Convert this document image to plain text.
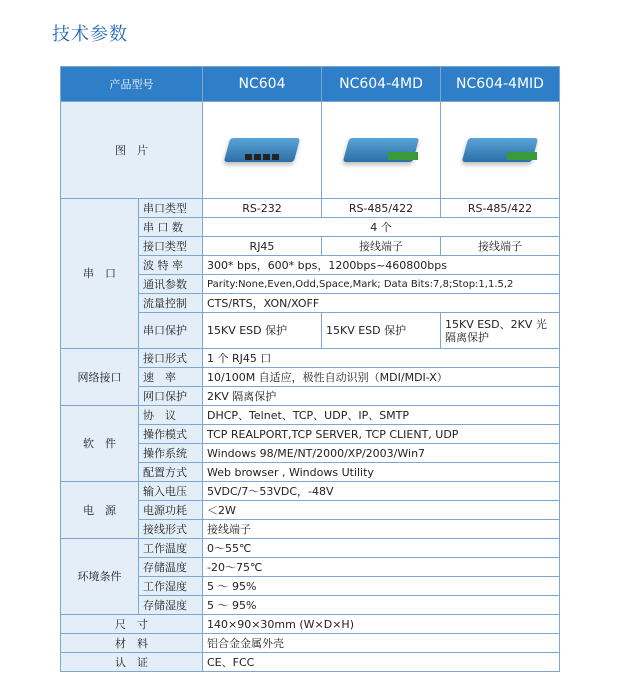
技术参数
产品型号		NC604	NC604-4MD	NC604-4MID
图　片		

串　口	串口类型	RS-232	RS-485/422	RS-485/422
	串 口 数	4 个		
	接口类型	RJ45	接线端子	接线端子
	波 特 率	300* bps，600* bps，1200bps~460800bps		
	通讯参数	Parity:None,Even,Odd,Space,Mark; Data Bits:7,8;Stop:1,1.5,2		
	流量控制	CTS/RTS，XON/XOFF		
	串口保护	15KV ESD 保护	15KV ESD 保护	15KV ESD、2KV 光隔离保护
网络接口	接口形式	1 个 RJ45 口		
	速　率	10/100M 自适应，极性自动识别（MDI/MDI-X）		
	网口保护	2KV 隔离保护		
软　件	协　议	DHCP、Telnet、TCP、UDP、IP、SMTP		
	操作模式	TCP REALPORT,TCP SERVER, TCP CLIENT, UDP		
	操作系统	Windows 98/ME/NT/2000/XP/2003/Win7		
	配置方式	Web browser , Windows Utility		
电　源	输入电压	5VDC/7～53VDC，-48V		
	电源功耗	＜2W		
	接线形式	接线端子		
环境条件	工作温度	0～55℃		
	存储温度	-20～75℃		
	工作湿度	5 ～ 95%		
	存储湿度	5 ～ 95%		
尺　寸		140×90×30mm (W×D×H)		
材　料		铝合金金属外壳		
认　证		CE、FCC		
